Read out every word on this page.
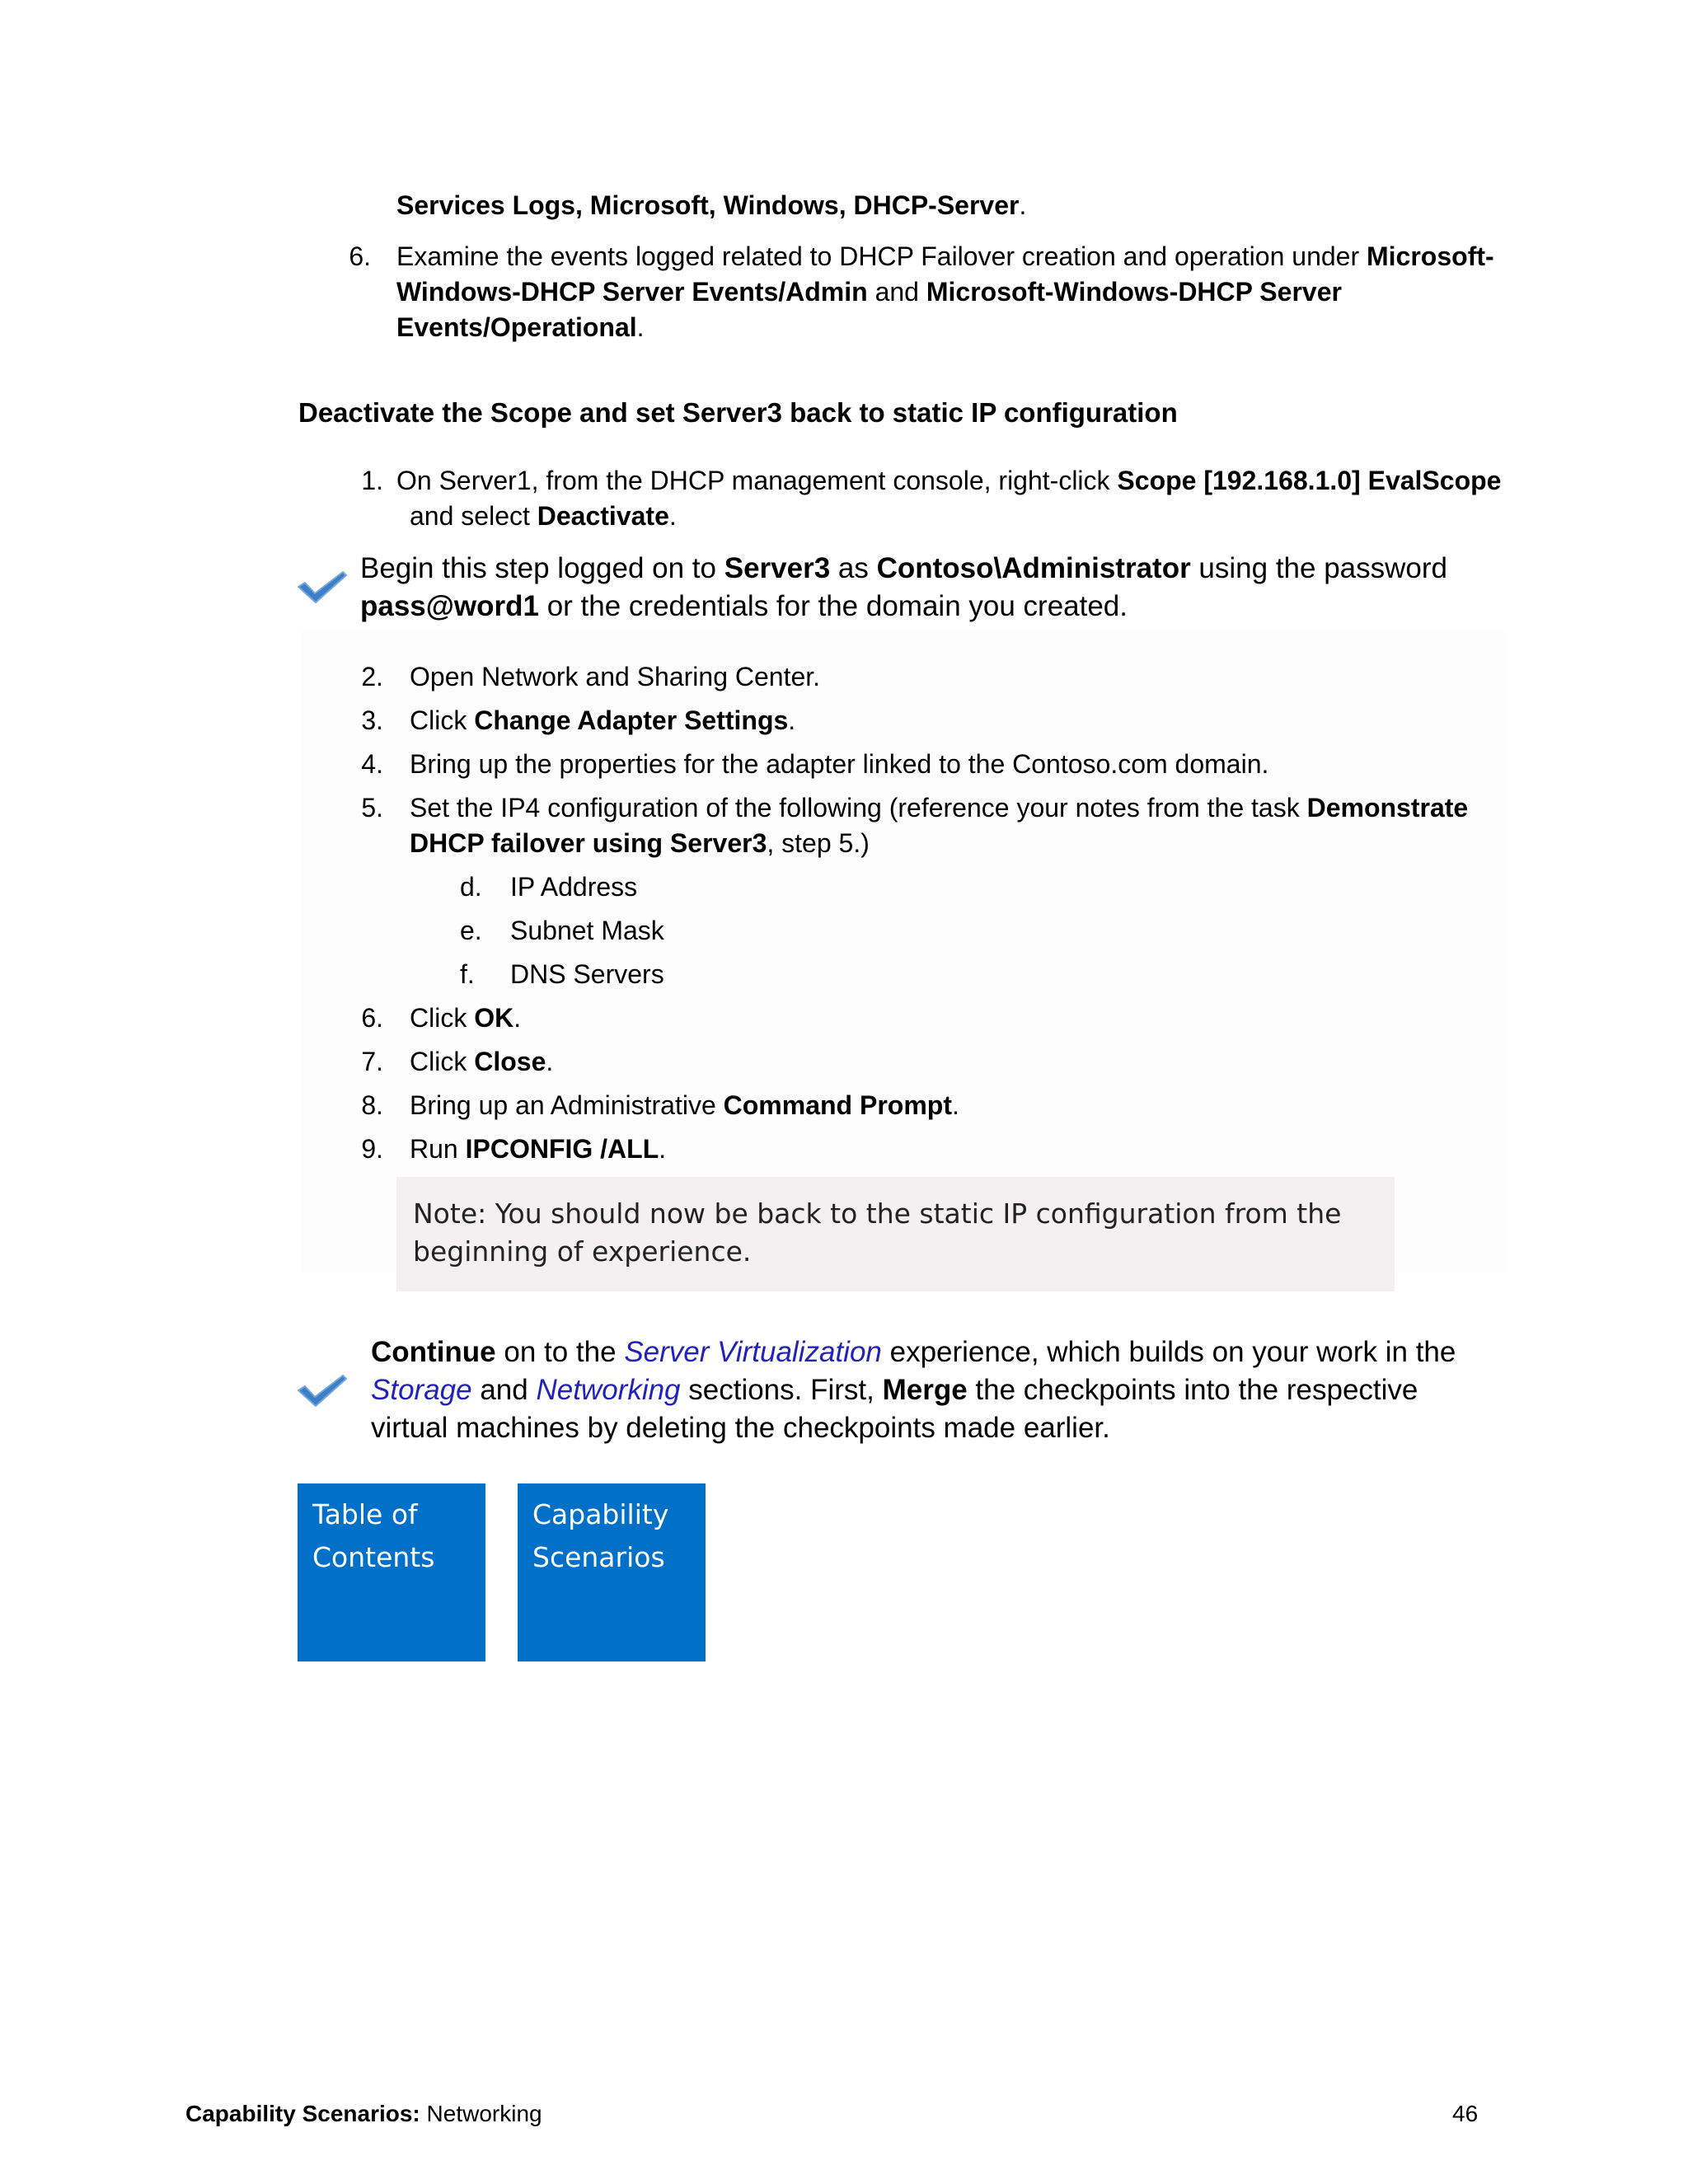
Services Logs, Microsoft, Windows, DHCP-Server.
6. Examine the events logged related to DHCP Failover creation and operation under Microsoft-
Windows-DHCP Server Events/Admin and Microsoft-Windows-DHCP Server
Events/Operational.
Deactivate the Scope and set Server3 back to static IP configuration
1. On Server1, from the DHCP management console, right-click Scope [192.168.1.0] EvalScope
and select Deactivate.
Begin this step logged on to Server3 as Contoso\Administrator using the password
pass@word1 or the credentials for the domain you created.
2. Open Network and Sharing Center.
3. Click Change Adapter Settings.
4. Bring up the properties for the adapter linked to the Contoso.com domain.
5. Set the IP4 configuration of the following (reference your notes from the task Demonstrate
DHCP failover using Server3, step 5.)
d. IP Address
e. Subnet Mask
f. DNS Servers
6. Click OK.
7. Click Close.
8. Bring up an Administrative Command Prompt.
9. Run IPCONFIG /ALL.
Note: You should now be back to the static IP configuration from the
beginning of experience.
Continue on to the Server Virtualization experience, which builds on your work in the
Storage and Networking sections. First, Merge the checkpoints into the respective
virtual machines by deleting the checkpoints made earlier.
Table of
Contents
Capability
Scenarios
Capability Scenarios: Networking	46
